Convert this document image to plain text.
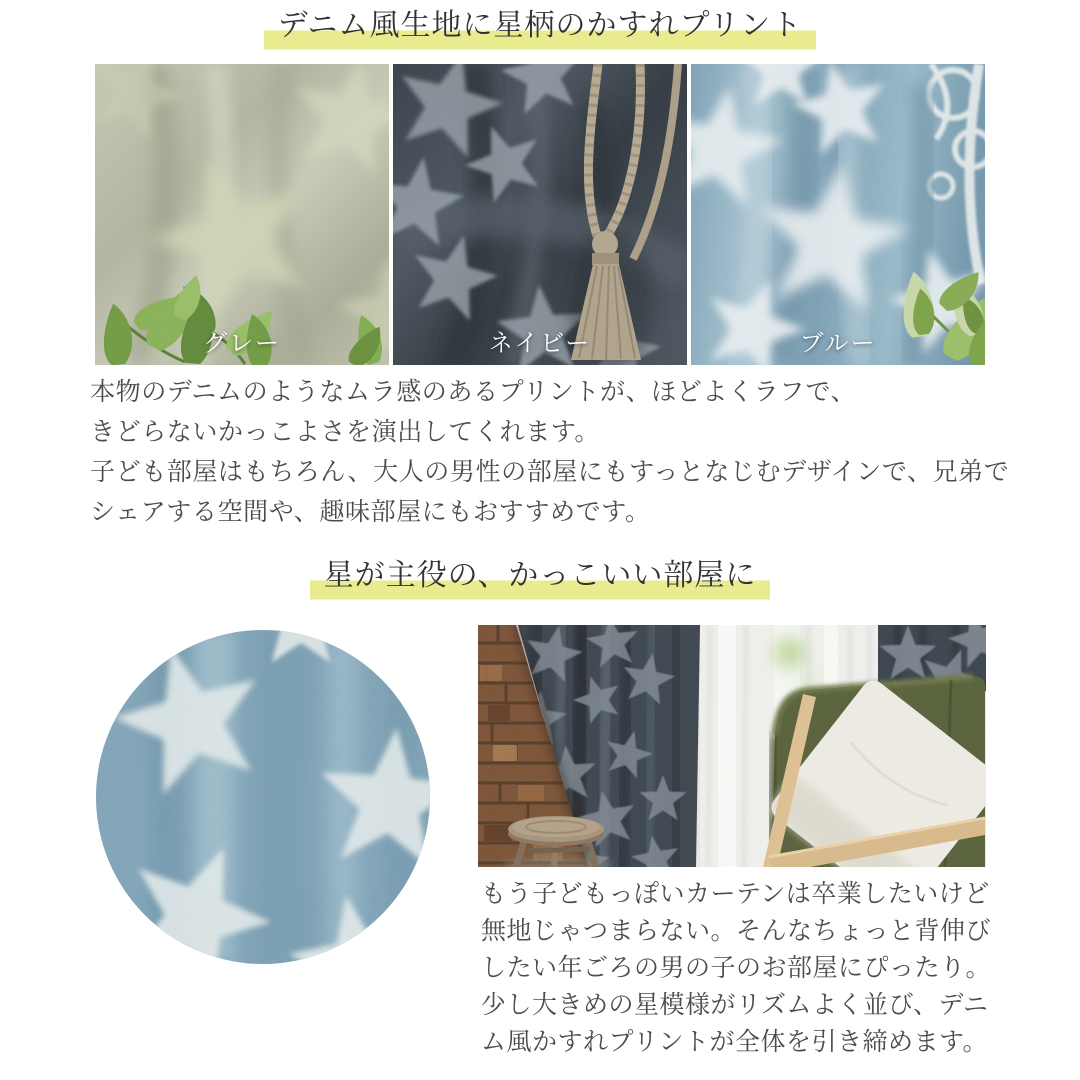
デニム風生地に星柄のかすれプリント
グレー	ネイビー	ブルー
本物のデニムのようなムラ感のあるプリントが、ほどよくラフで、
きどらないかっこよさを演出してくれます。
子ども部屋はもちろん、大人の男性の部屋にもすっとなじむデザインで、兄弟で
シェアする空間や、趣味部屋にもおすすめです。
星が主役の、かっこいい部屋に
もう子どもっぽいカーテンは卒業したいけど
無地じゃつまらない。そんなちょっと背伸び
したい年ごろの男の子のお部屋にぴったり。
少し大きめの星模様がリズムよく並び、デニ
ム風かすれプリントが全体を引き締めます。
